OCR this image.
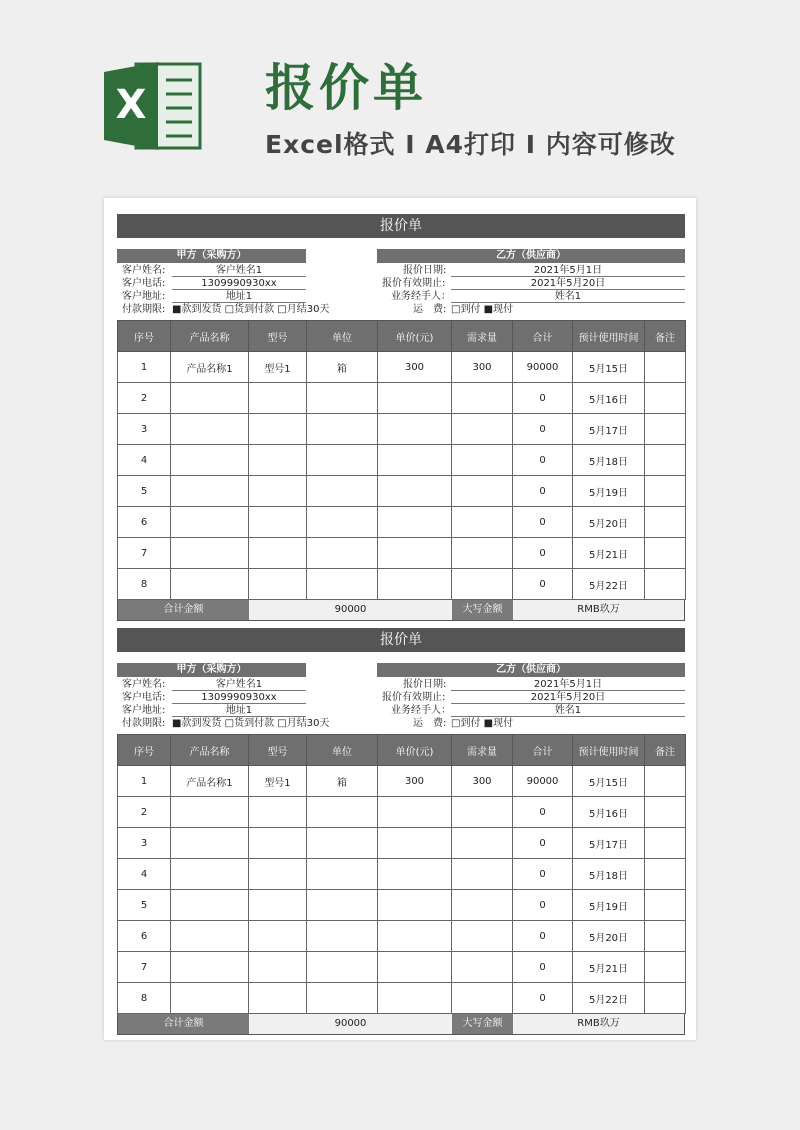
X 报价单
Excel格式 I A4打印 I 内容可修改
报价单
甲方（采购方）	乙方（供应商）
客户姓名:	客户姓名1
客户电话:	1309990930xx
客户地址:	地址1
付款期限: ■款到发货 □货到付款 □月结30天
报价日期:	2021年5月1日
报价有效期止:	2021年5月20日
业务经手人：	姓名1
运　费: □到付 ■现付
序号	产品名称	型号	单位	单价(元)	需求量	合计	预计使用时间	备注
1	产品名称1	型号1	箱	300	300	90000	5月15日	
2						0	5月16日	
3						0	5月17日	
4						0	5月18日	
5						0	5月19日	
6						0	5月20日	
7						0	5月21日	
8						0	5月22日	
合计金额	90000	大写金额	RMB玖万
报价单
甲方（采购方）	乙方（供应商）
客户姓名:	客户姓名1
客户电话:	1309990930xx
客户地址:	地址1
付款期限: ■款到发货 □货到付款 □月结30天
报价日期:	2021年5月1日
报价有效期止:	2021年5月20日
业务经手人：	姓名1
运　费: □到付 ■现付
序号	产品名称	型号	单位	单价(元)	需求量	合计	预计使用时间	备注
1	产品名称1	型号1	箱	300	300	90000	5月15日	
2						0	5月16日	
3						0	5月17日	
4						0	5月18日	
5						0	5月19日	
6						0	5月20日	
7						0	5月21日	
8						0	5月22日	
合计金额	90000	大写金额	RMB玖万
